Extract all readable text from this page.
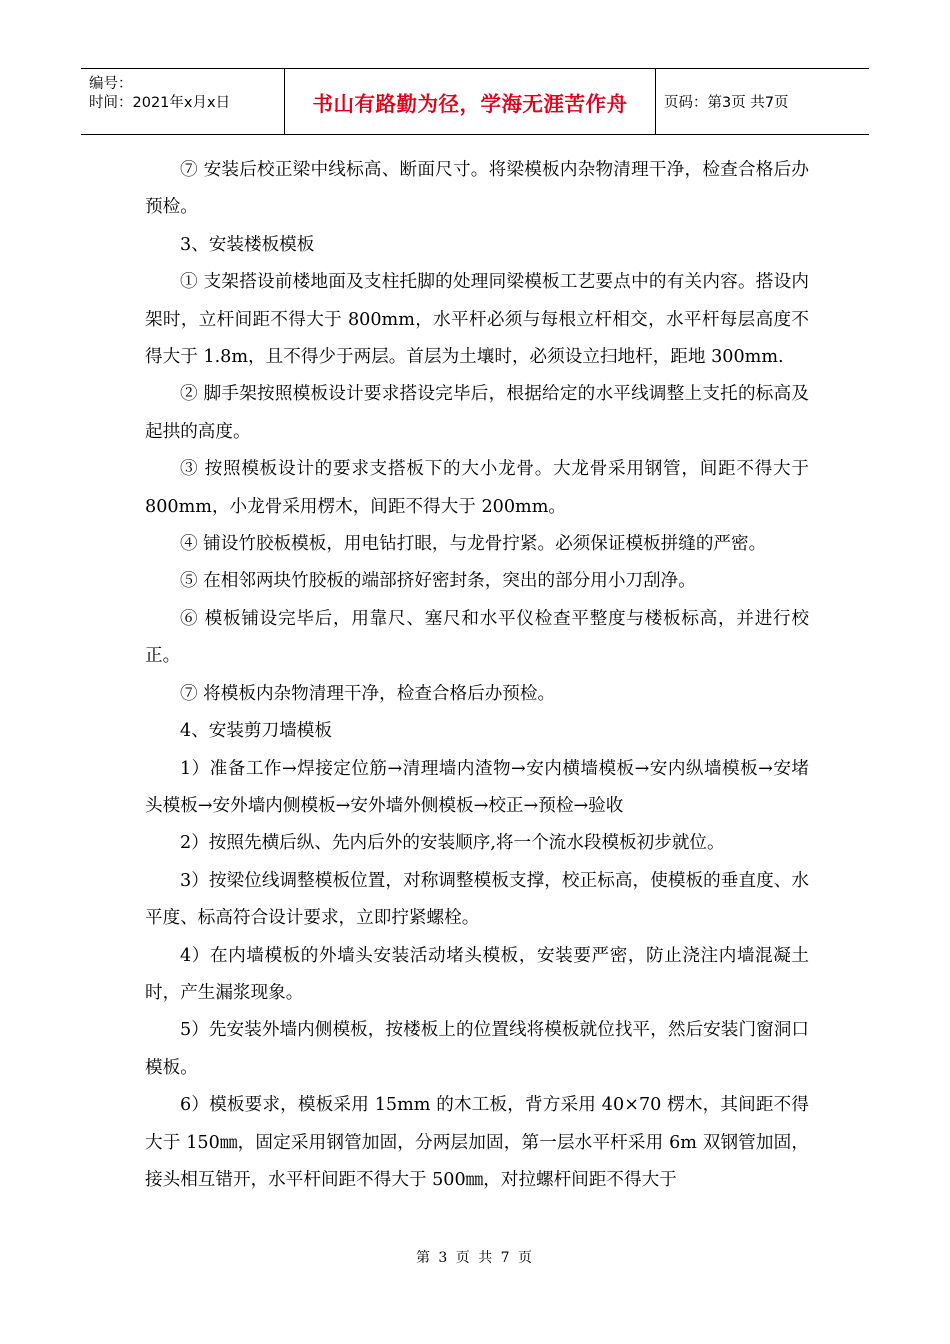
编号：
时间：2021年x月x日	书山有路勤为径，学海无涯苦作舟	页码：第3页 共7页

⑦ 安装后校正梁中线标高、断面尺寸。将梁模板内杂物清理干净，检查合格后办预检。

3、安装楼板模板

① 支架搭设前楼地面及支柱托脚的处理同梁模板工艺要点中的有关内容。搭设内架时，立杆间距不得大于 800mm，水平杆必须与每根立杆相交，水平杆每层高度不得大于 1.8m，且不得少于两层。首层为土壤时，必须设立扫地杆，距地 300mm.

② 脚手架按照模板设计要求搭设完毕后，根据给定的水平线调整上支托的标高及起拱的高度。

③ 按照模板设计的要求支搭板下的大小龙骨。大龙骨采用钢管，间距不得大于 800mm，小龙骨采用楞木，间距不得大于 200mm。

④ 铺设竹胶板模板，用电钻打眼，与龙骨拧紧。必须保证模板拼缝的严密。

⑤ 在相邻两块竹胶板的端部挤好密封条，突出的部分用小刀刮净。

⑥ 模板铺设完毕后，用靠尺、塞尺和水平仪检查平整度与楼板标高，并进行校正。

⑦ 将模板内杂物清理干净，检查合格后办预检。

4、安装剪刀墙模板

1）准备工作→焊接定位筋→清理墙内渣物→安内横墙模板→安内纵墙模板→安堵头模板→安外墙内侧模板→安外墙外侧模板→校正→预检→验收

2）按照先横后纵、先内后外的安装顺序,将一个流水段模板初步就位。

3）按梁位线调整模板位置，对称调整模板支撑，校正标高，使模板的垂直度、水平度、标高符合设计要求，立即拧紧螺栓。

4）在内墙模板的外墙头安装活动堵头模板，安装要严密，防止浇注内墙混凝土时，产生漏浆现象。

5）先安装外墙内侧模板，按楼板上的位置线将模板就位找平，然后安装门窗洞口模板。

6）模板要求，模板采用 15mm 的木工板，背方采用 40×70 楞木，其间距不得大于 150㎜，固定采用钢管加固，分两层加固，第一层水平杆采用 6m 双钢管加固，接头相互错开，水平杆间距不得大于 500㎜，对拉螺杆间距不得大于

第 3 页 共 7 页
